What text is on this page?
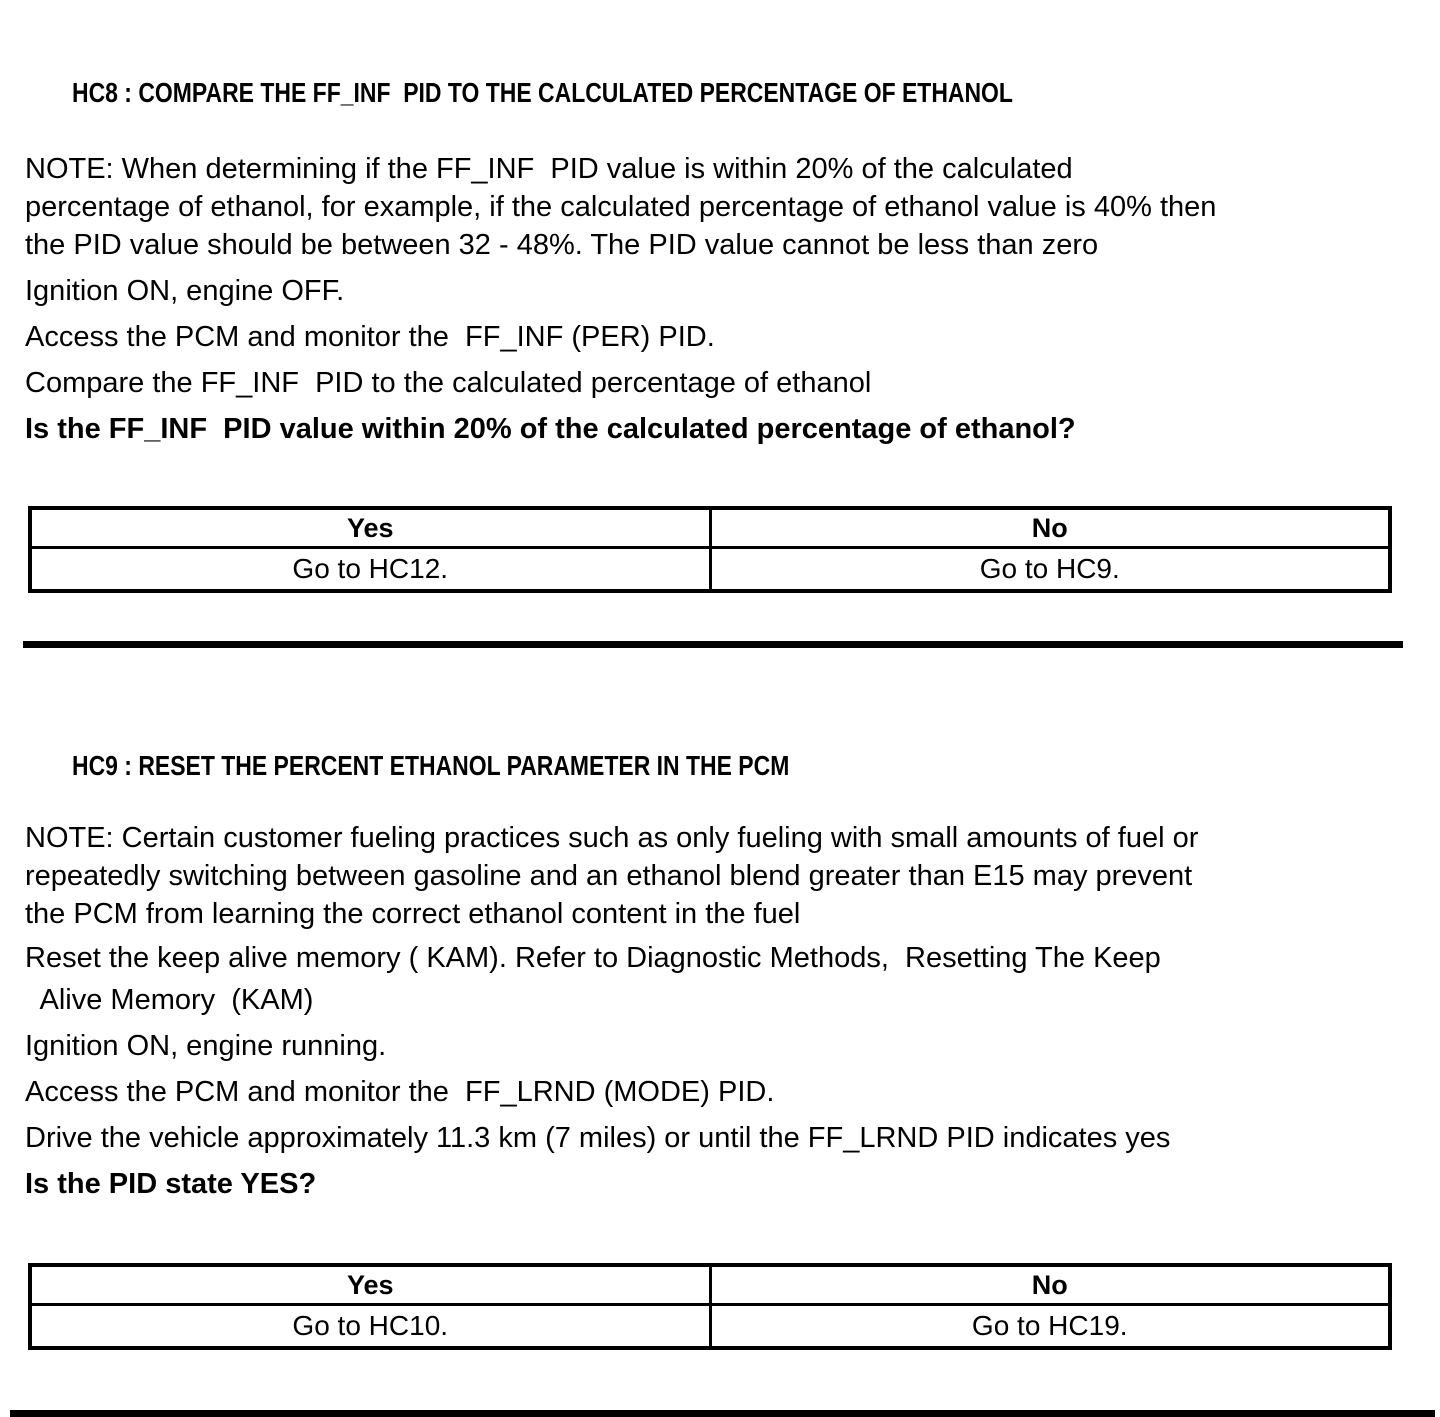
HC8 : COMPARE THE FF_INF  PID TO THE CALCULATED PERCENTAGE OF ETHANOL

NOTE: When determining if the FF_INF  PID value is within 20% of the calculated
percentage of ethanol, for example, if the calculated percentage of ethanol value is 40% then
the PID value should be between 32 - 48%. The PID value cannot be less than zero
Ignition ON, engine OFF.
Access the PCM and monitor the  FF_INF (PER) PID.
Compare the FF_INF  PID to the calculated percentage of ethanol
Is the FF_INF  PID value within 20% of the calculated percentage of ethanol?
Yes	No
Go to HC12.	Go to HC9.

HC9 : RESET THE PERCENT ETHANOL PARAMETER IN THE PCM

NOTE: Certain customer fueling practices such as only fueling with small amounts of fuel or
repeatedly switching between gasoline and an ethanol blend greater than E15 may prevent
the PCM from learning the correct ethanol content in the fuel
Reset the keep alive memory ( KAM). Refer to Diagnostic Methods,  Resetting The Keep
Alive Memory  (KAM)
Ignition ON, engine running.
Access the PCM and monitor the  FF_LRND (MODE) PID.
Drive the vehicle approximately 11.3 km (7 miles) or until the FF_LRND PID indicates yes
Is the PID state YES?
Yes	No
Go to HC10.	Go to HC19.
